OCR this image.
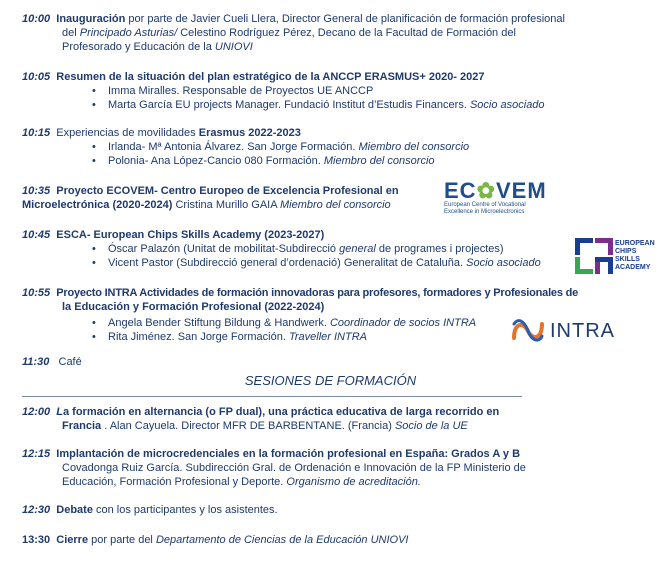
10:00 Inauguración por parte de Javier Cueli Llera, Director General de planificación de formación profesional
del Principado Asturias/ Celestino Rodríguez Pérez, Decano de la Facultad de Formación del
Profesorado y Educación de la UNIOVI
10:05 Resumen de la situación del plan estratégico de la ANCCP ERASMUS+ 2020- 2027
• Imma Miralles. Responsable de Proyectos UE ANCCP
• Marta García EU projects Manager. Fundació Institut d’Estudis Financers. Socio asociado
10:15 Experiencias de movilidades Erasmus 2022-2023
• Irlanda- Mª Antonia Álvarez. San Jorge Formación. Miembro del consorcio
• Polonia- Ana López-Cancio 080 Formación. Miembro del consorcio
10:35 Proyecto ECOVEM- Centro Europeo de Excelencia Profesional en
Microelectrónica (2020-2024) Cristina Murillo GAIA Miembro del consorcio
EC✿VEM
European Centre of Vocational
Excellence in Microelectronics
10:45 ESCA- European Chips Skills Academy (2023-2027)
• Óscar Palazón (Unitat de mobilitat-Subdirecció general de programes i projectes)
• Vicent Pastor (Subdirecció general d’ordenació) Generalitat de Cataluña. Socio asociado
EUROPEAN
CHIPS
SKILLS
ACADEMY
10:55 Proyecto INTRA Actividades de formación innovadoras para profesores, formadores y Profesionales de
la Educación y Formación Profesional (2022-2024)
• Angela Bender Stiftung Bildung & Handwerk. Coordinador de socios INTRA
• Rita Jiménez. San Jorge Formación. Traveller INTRA	INTRA
11:30 Café
SESIONES DE FORMACIÓN
12:00 La formación en alternancia (o FP dual), una práctica educativa de larga recorrido en
Francia . Alan Cayuela. Director MFR DE BARBENTANE. (Francia) Socio de la UE
12:15 Implantación de microcredenciales en la formación profesional en España: Grados A y B
Covadonga Ruiz García. Subdirección Gral. de Ordenación e Innovación de la FP Ministerio de
Educación, Formación Profesional y Deporte. Organismo de acreditación.
12:30 Debate con los participantes y los asistentes.
13:30 Cierre por parte del Departamento de Ciencias de la Educación UNIOVI
